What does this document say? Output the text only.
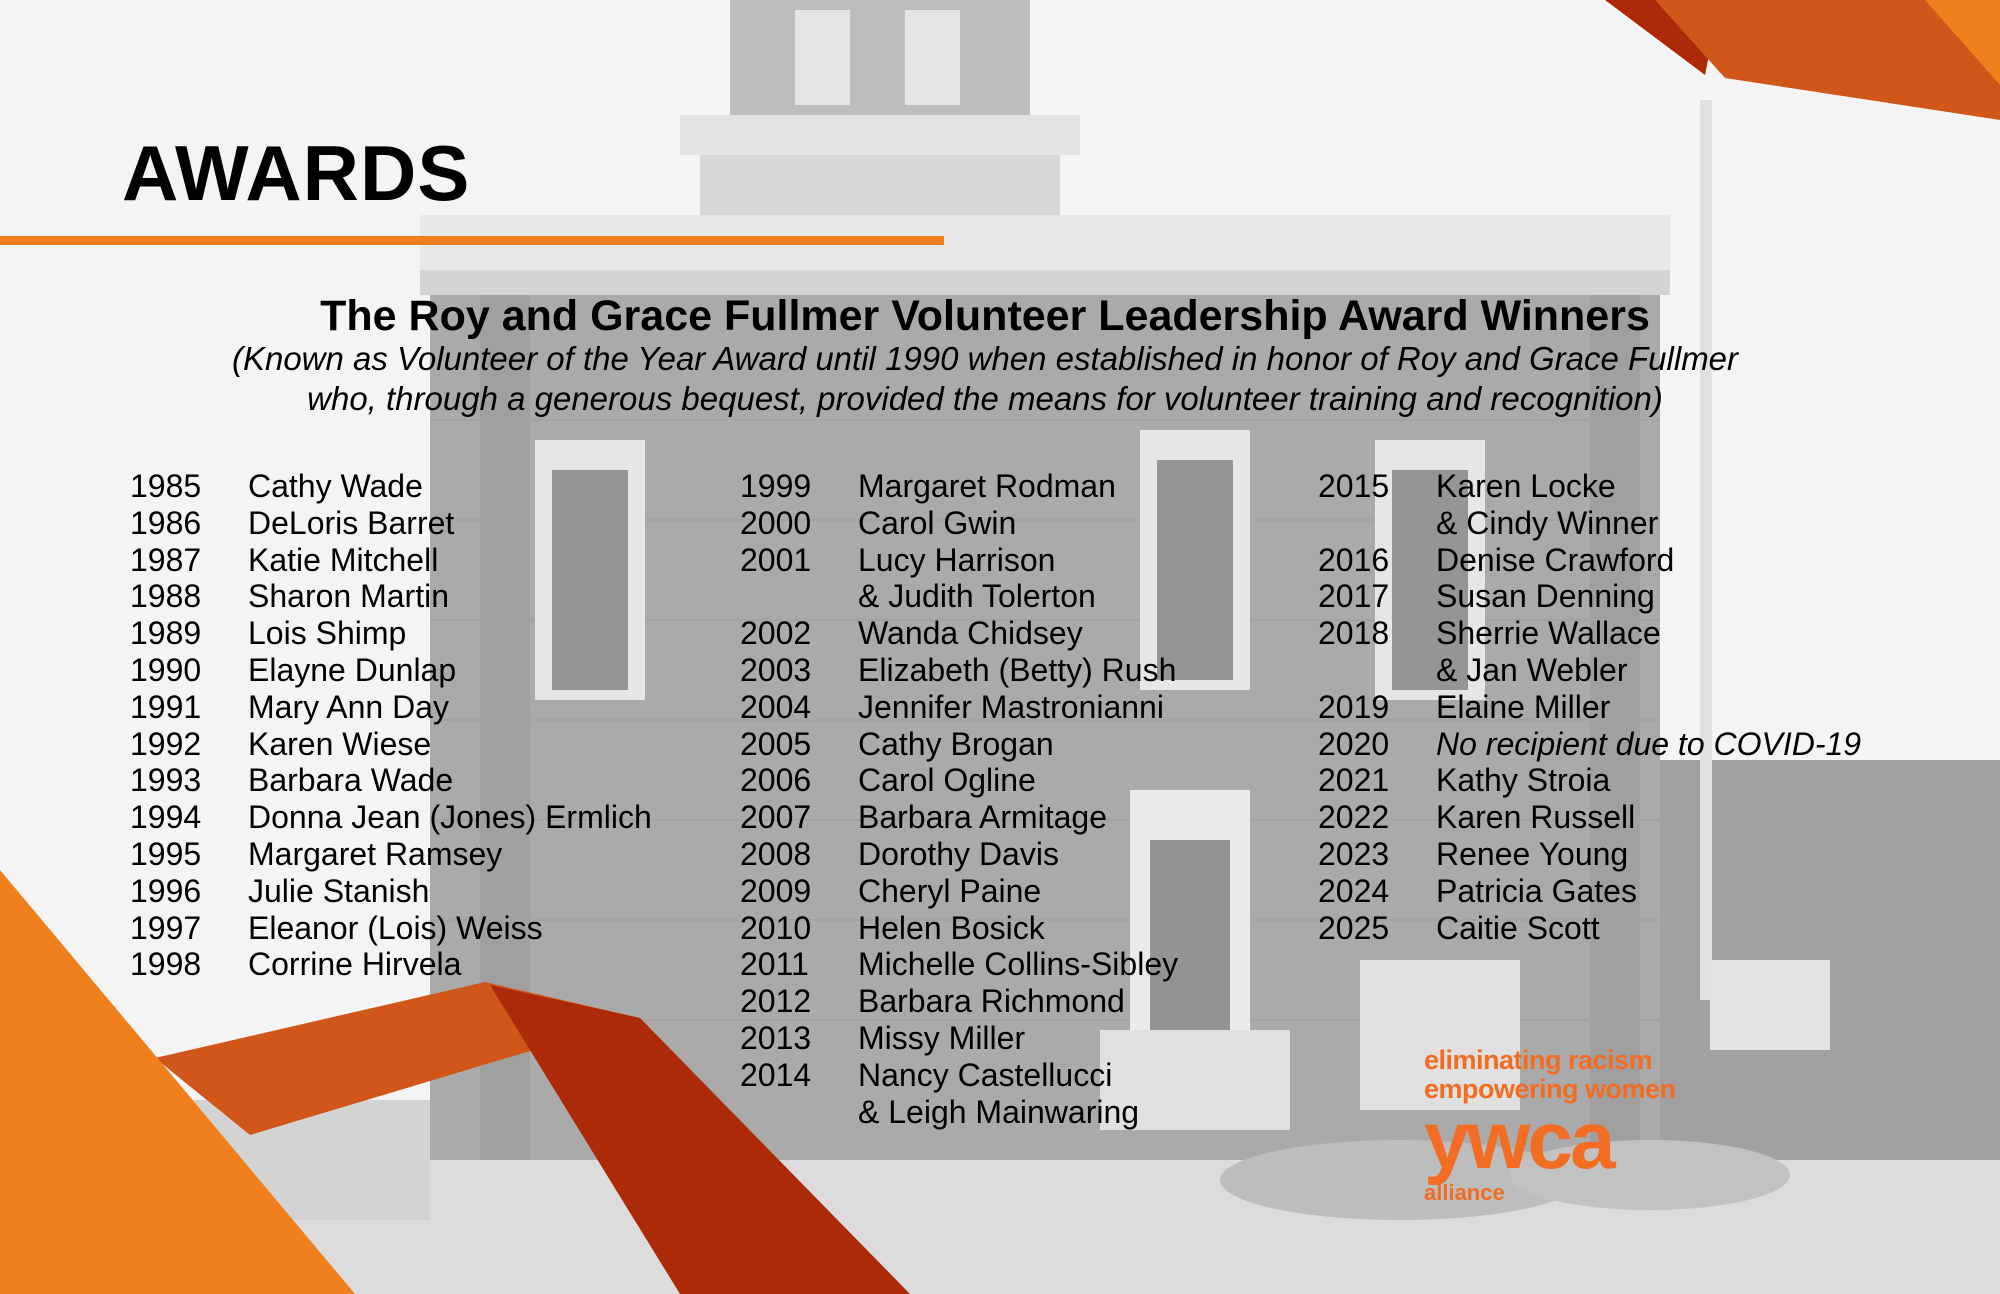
AWARDS
The Roy and Grace Fullmer Volunteer Leadership Award Winners

(Known as Volunteer of the Year Award until 1990 when established in honor of Roy and Grace Fullmer

who, through a generous bequest, provided the means for volunteer training and recognition)

1985	Cathy Wade
1986	DeLoris Barret
1987	Katie Mitchell
1988	Sharon Martin
1989	Lois Shimp
1990	Elayne Dunlap
1991	Mary Ann Day
1992	Karen Wiese
1993	Barbara Wade
1994	Donna Jean (Jones) Ermlich
1995	Margaret Ramsey
1996	Julie Stanish
1997	Eleanor (Lois) Weiss
1998	Corrine Hirvela
1999	Margaret Rodman
2000	Carol Gwin
2001	Lucy Harrison
& Judith Tolerton
2002	Wanda Chidsey
2003	Elizabeth (Betty) Rush
2004	Jennifer Mastronianni
2005	Cathy Brogan
2006	Carol Ogline
2007	Barbara Armitage
2008	Dorothy Davis
2009	Cheryl Paine
2010	Helen Bosick
2011	Michelle Collins-Sibley
2012	Barbara Richmond
2013	Missy Miller
2014	Nancy Castellucci
& Leigh Mainwaring
2015	Karen Locke
& Cindy Winner
2016	Denise Crawford
2017	Susan Denning
2018	Sherrie Wallace
& Jan Webler
2019	Elaine Miller
2020	No recipient due to COVID-19
2021	Kathy Stroia
2022	Karen Russell
2023	Renee Young
2024	Patricia Gates
2025	Caitie Scott
eliminating racism
empowering women
ywca
alliance
